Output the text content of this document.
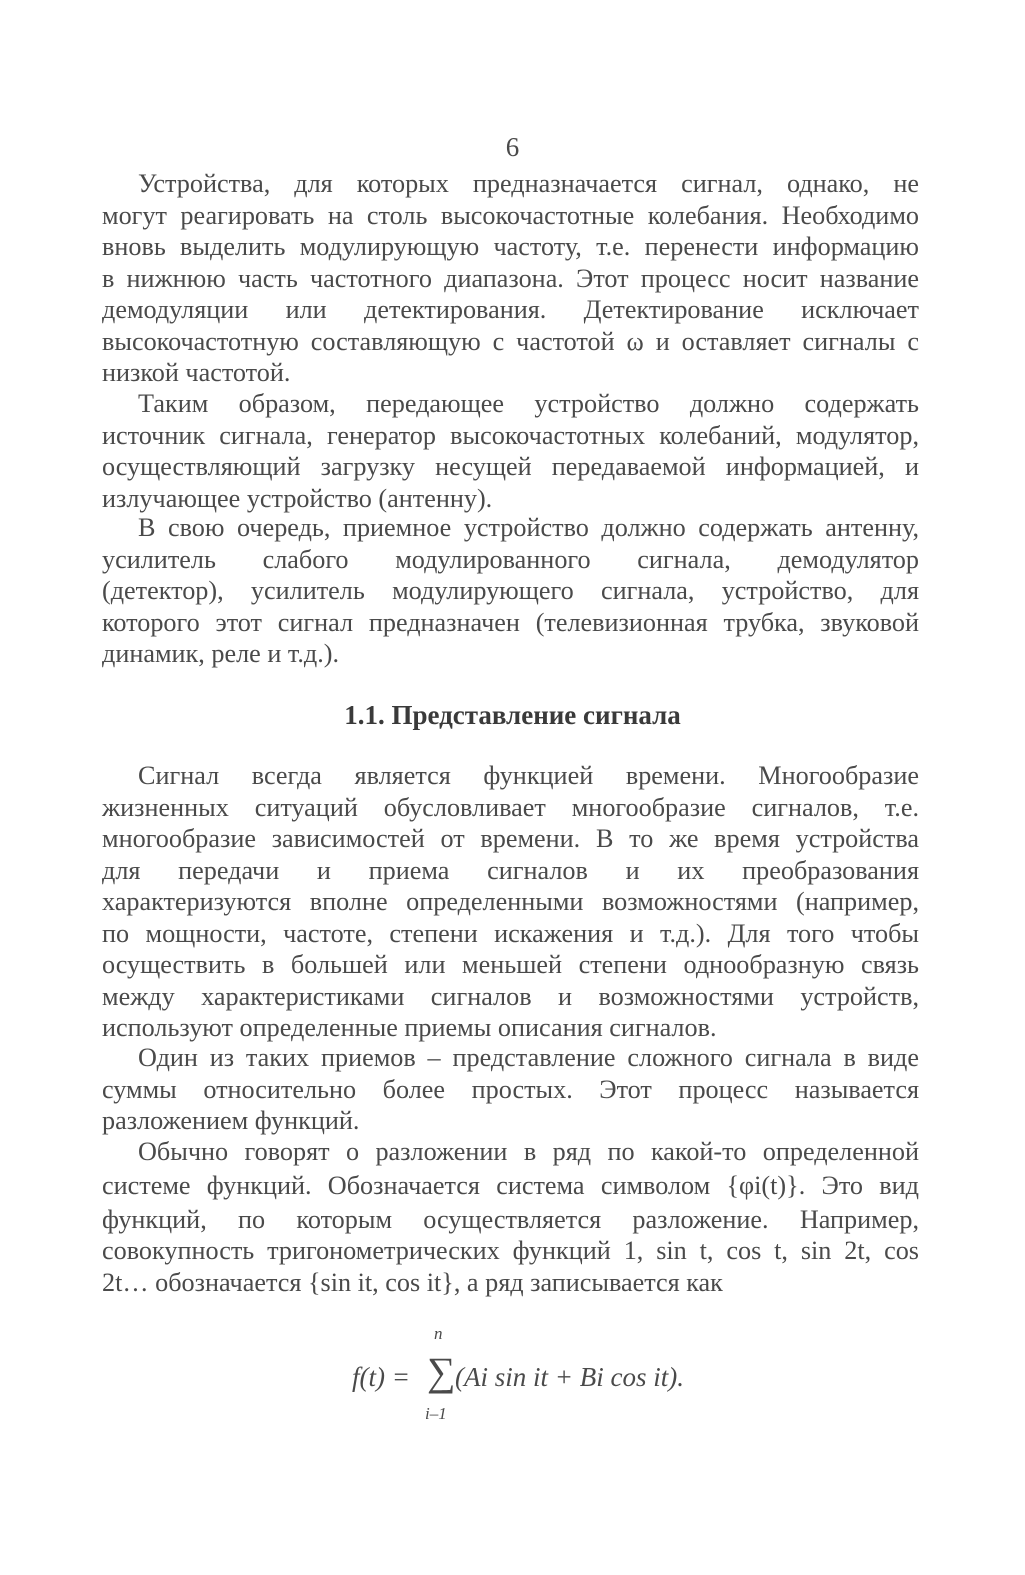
6
Устройства, для которых предназначается сигнал, однако, не
могут реагировать на столь высокочастотные колебания. Необходимо
вновь выделить модулирующую частоту, т.е. перенести информацию
в нижнюю часть частотного диапазона. Этот процесс носит название
демодуляции или детектирования. Детектирование исключает
высокочастотную составляющую с частотой ω и оставляет сигналы с
низкой частотой.
Таким образом, передающее устройство должно содержать
источник сигнала, генератор высокочастотных колебаний, модулятор,
осуществляющий загрузку несущей передаваемой информацией, и
излучающее устройство (антенну).
В свою очередь, приемное устройство должно содержать антенну,
усилитель слабого модулированного сигнала, демодулятор
(детектор), усилитель модулирующего сигнала, устройство, для
которого этот сигнал предназначен (телевизионная трубка, звуковой
динамик, реле и т.д.).
1.1. Представление сигнала
Сигнал всегда является функцией времени. Многообразие
жизненных ситуаций обусловливает многообразие сигналов, т.е.
многообразие зависимостей от времени. В то же время устройства
для передачи и приема сигналов и их преобразования
характеризуются вполне определенными возможностями (например,
по мощности, частоте, степени искажения и т.д.). Для того чтобы
осуществить в большей или меньшей степени однообразную связь
между характеристиками сигналов и возможностями устройств,
используют определенные приемы описания сигналов.
Один из таких приемов – представление сложного сигнала в виде
суммы относительно более простых. Этот процесс называется
разложением функций.
Обычно говорят о разложении в ряд по какой-то определенной
системе функций. Обозначается система символом {φi(t)}. Это вид
функций, по которым осуществляется разложение. Например,
совокупность тригонометрических функций 1, sin t, cos t, sin 2t, cos
2t… обозначается {sin it, cos it}, а ряд записывается как
f(t) = ∑
n
i–1
(Ai sin it + Bi cos it).
